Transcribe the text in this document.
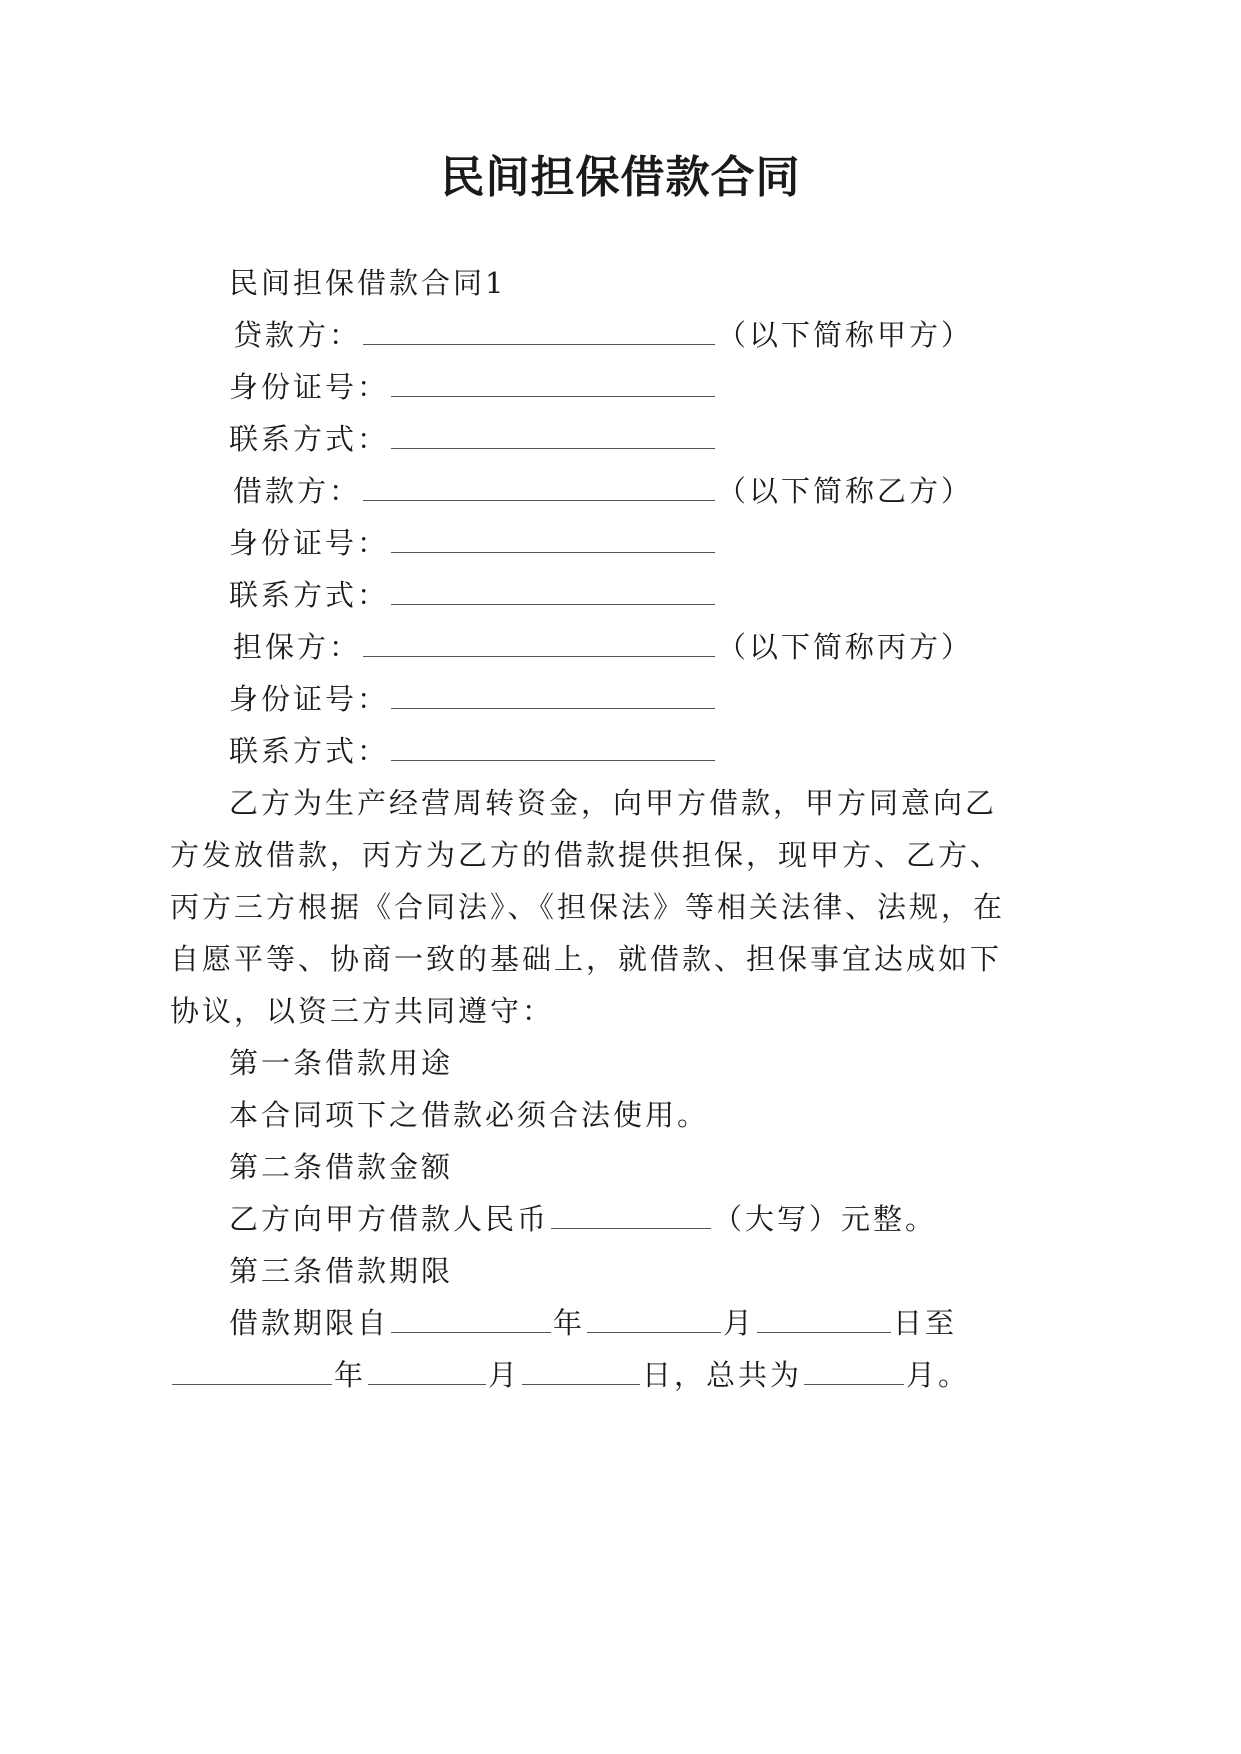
民间担保借款合同
民间担保借款合同1
贷款方：	（以下简称甲方）
身份证号：
联系方式：
借款方：	（以下简称乙方）
身份证号：
联系方式：
担保方：	（以下简称丙方）
身份证号：
联系方式：
乙方为生产经营周转资金，向甲方借款，甲方同意向乙
方发放借款，丙方为乙方的借款提供担保，现甲方、乙方、
丙方三方根据《合同法》、《担保法》等相关法律、法规，在
自愿平等、协商一致的基础上，就借款、担保事宜达成如下
协议，以资三方共同遵守：
第一条借款用途
本合同项下之借款必须合法使用。
第二条借款金额
乙方向甲方借款人民币	（大写）元整。
第三条借款期限
借款期限自	年	月	日至
年	月	日，总共为	月。
